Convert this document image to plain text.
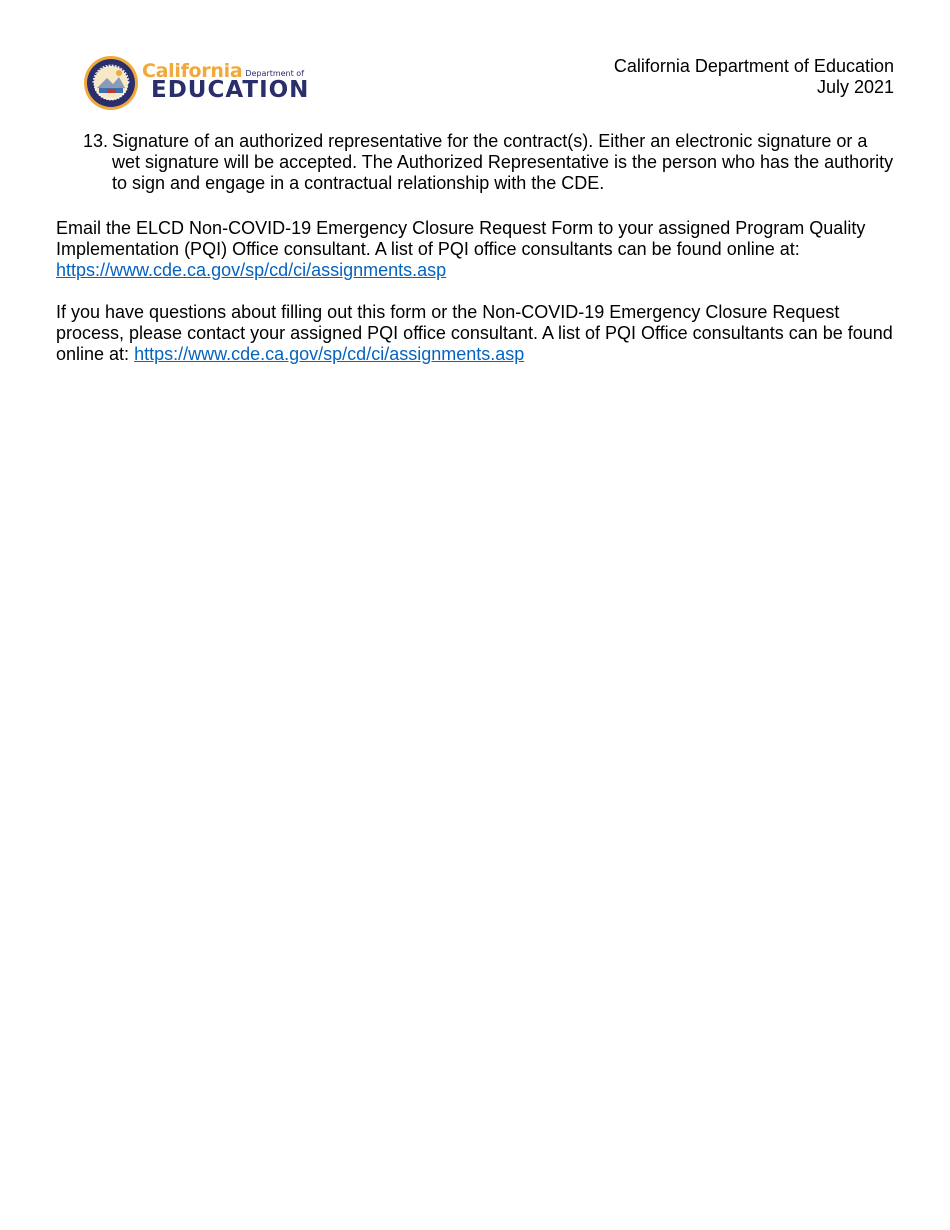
California Department of
EDUCATION
California Department of Education
July 2021
13. Signature of an authorized representative for the contract(s). Either an electronic signature or a wet signature will be accepted. The Authorized Representative is the person who has the authority to sign and engage in a contractual relationship with the CDE.
Email the ELCD Non-COVID-19 Emergency Closure Request Form to your assigned Program Quality Implementation (PQI) Office consultant. A list of PQI office consultants can be found online at:
https://www.cde.ca.gov/sp/cd/ci/assignments.asp
If you have questions about filling out this form or the Non-COVID-19 Emergency Closure Request process, please contact your assigned PQI office consultant. A list of PQI Office consultants can be found online at: https://www.cde.ca.gov/sp/cd/ci/assignments.asp
